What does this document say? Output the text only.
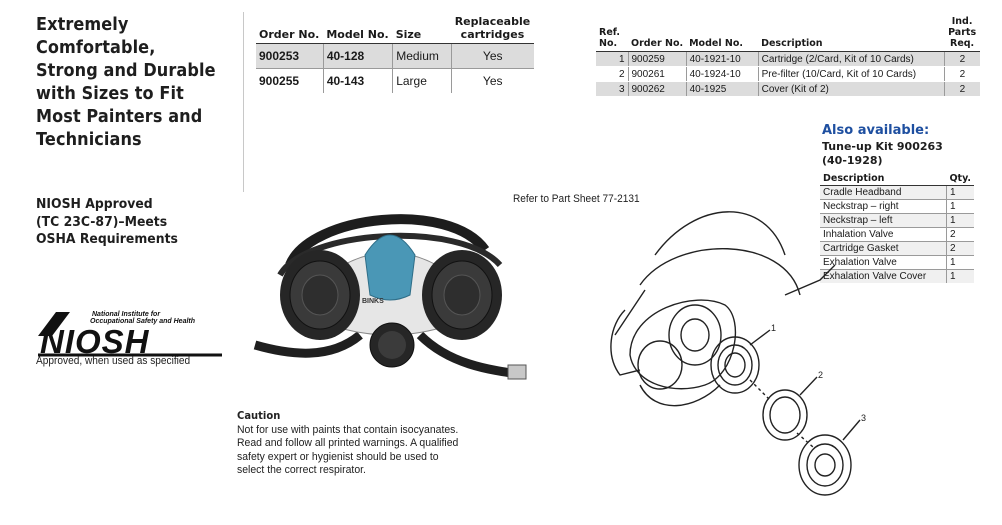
Extremely
Comfortable,
Strong and Durable
with Sizes to Fit
Most Painters and
Technicians

NIOSH Approved
(TC 23C-87)–Meets
OSHA Requirements

National Institute for
Occupational Safety and Health
NIOSH
Approved, when used as specified
Order No.	Model No.	Size	Replaceable cartridges
900253	40-128	Medium	Yes
900255	40-143	Large	Yes
Ref. No.	Order No.	Model No.	Description	Ind. Parts Req.
1	900259	40-1921-10	Cartridge (2/Card, Kit of 10 Cards)	2
2	900261	40-1924-10	Pre-filter (10/Card, Kit of 10 Cards)	2
3	900262	40-1925	Cover (Kit of 2)	2
Also available:
Tune-up Kit 900263
(40-1928)
Description	Qty.
Cradle Headband	1
Neckstrap – right	1
Neckstrap – left	1
Inhalation Valve	2
Cartridge Gasket	2
Exhalation Valve	1
Exhalation Valve Cover	1
Refer to Part Sheet 77-2131
BINKS
1
2
3
Caution
Not for use with paints that contain isocyanates.
Read and follow all printed warnings. A qualified
safety expert or hygienist should be used to
select the correct respirator.
